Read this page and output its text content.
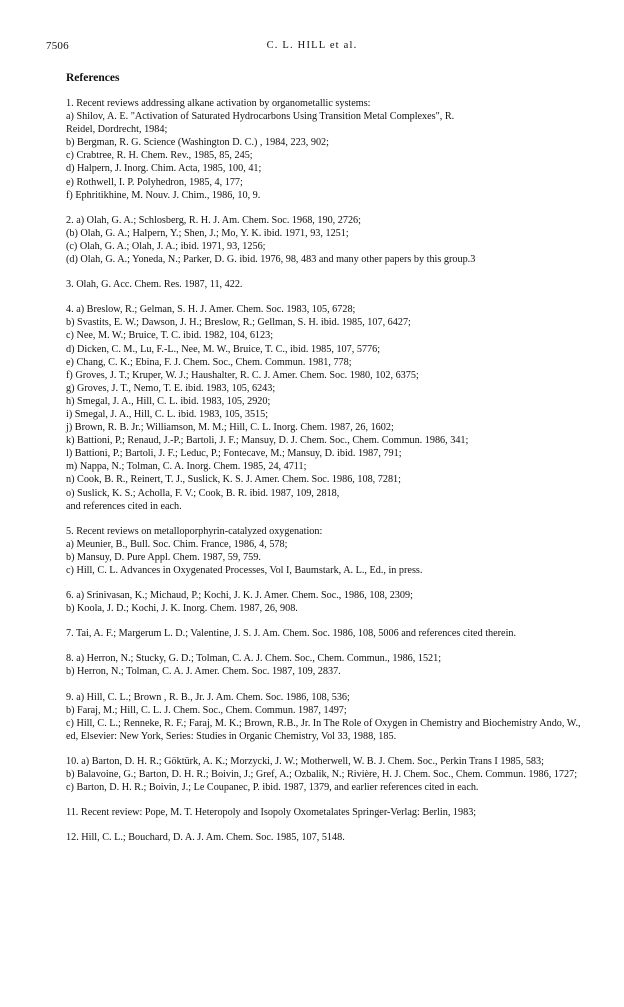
7506	C. L. HILL et al.
References
1. Recent reviews addressing alkane activation by organometallic systems:
a) Shilov, A. E. "Activation of Saturated Hydrocarbons Using Transition Metal Complexes", R.
Reidel, Dordrecht, 1984;
b) Bergman, R. G. Science (Washington D. C.) , 1984, 223, 902;
c) Crabtree, R. H. Chem. Rev., 1985, 85, 245;
d) Halpern, J. Inorg. Chim. Acta, 1985, 100, 41;
e) Rothwell, I. P. Polyhedron, 1985, 4, 177;
f) Ephritikhine, M. Nouv. J. Chim., 1986, 10, 9.
2. a) Olah, G. A.; Schlosberg, R. H. J. Am. Chem. Soc. 1968, 190, 2726;
(b) Olah, G. A.; Halpern, Y.; Shen, J.; Mo, Y. K. ibid. 1971, 93, 1251;
(c) Olah, G. A.; Olah, J. A.; ibid. 1971, 93, 1256;
(d) Olah, G. A.; Yoneda, N.; Parker, D. G. ibid. 1976, 98, 483 and many other papers by this group.3
3. Olah, G. Acc. Chem. Res. 1987, 11, 422.
4. a) Breslow, R.; Gelman, S. H. J. Amer. Chem. Soc. 1983, 105, 6728;
b) Svastits, E. W.; Dawson, J. H.; Breslow, R.; Gellman, S. H. ibid. 1985, 107, 6427;
c) Nee, M. W.; Bruice, T. C. ibid. 1982, 104, 6123;
d) Dicken, C. M., Lu, F.-L., Nee, M. W., Bruice, T. C., ibid. 1985, 107, 5776;
e) Chang, C. K.; Ebina, F. J. Chem. Soc., Chem. Commun. 1981, 778;
f) Groves, J. T.; Kruper, W. J.; Haushalter, R. C. J. Amer. Chem. Soc. 1980, 102, 6375;
g) Groves, J. T., Nemo, T. E. ibid. 1983, 105, 6243;
h) Smegal, J. A., Hill, C. L. ibid. 1983, 105, 2920;
i) Smegal, J. A., Hill, C. L. ibid. 1983, 105, 3515;
j) Brown, R. B. Jr.; Williamson, M. M.; Hill, C. L. Inorg. Chem. 1987, 26, 1602;
k) Battioni, P.; Renaud, J.-P.; Bartoli, J. F.; Mansuy, D. J. Chem. Soc., Chem. Commun. 1986, 341;
l) Battioni, P.; Bartoli, J. F.; Leduc, P.; Fontecave, M.; Mansuy, D. ibid. 1987, 791;
m) Nappa, N.; Tolman, C. A. Inorg. Chem. 1985, 24, 4711;
n) Cook, B. R., Reinert, T. J., Suslick, K. S. J. Amer. Chem. Soc. 1986, 108, 7281;
o) Suslick, K. S.; Acholla, F. V.; Cook, B. R. ibid. 1987, 109, 2818,
and references cited in each.
5. Recent reviews on metalloporphyrin-catalyzed oxygenation:
a) Meunier, B., Bull. Soc. Chim. France, 1986, 4, 578;
b) Mansuy, D. Pure Appl. Chem. 1987, 59, 759.
c) Hill, C. L. Advances in Oxygenated Processes, Vol I, Baumstark, A. L., Ed., in press.
6. a) Srinivasan, K.; Michaud, P.; Kochi, J. K. J. Amer. Chem. Soc., 1986, 108, 2309;
b) Koola, J. D.; Kochi, J. K. Inorg. Chem. 1987, 26, 908.
7. Tai, A. F.; Margerum L. D.; Valentine, J. S. J. Am. Chem. Soc. 1986, 108, 5006 and references cited therein.
8. a) Herron, N.; Stucky, G. D.; Tolman, C. A. J. Chem. Soc., Chem. Commun., 1986, 1521;
b) Herron, N.; Tolman, C. A. J. Amer. Chem. Soc. 1987, 109, 2837.
9. a) Hill, C. L.; Brown , R. B., Jr. J. Am. Chem. Soc. 1986, 108, 536;
b) Faraj, M.; Hill, C. L. J. Chem. Soc., Chem. Commun. 1987, 1497;
c) Hill, C. L.; Renneke, R. F.; Faraj, M. K.; Brown, R.B., Jr. In The Role of Oxygen in Chemistry and Biochemistry Ando, W., ed, Elsevier: New York, Series: Studies in Organic Chemistry, Vol 33, 1988, 185.
10. a) Barton, D. H. R.; Göktürk, A. K.; Morzycki, J. W.; Motherwell, W. B. J. Chem. Soc., Perkin Trans I 1985, 583;
b) Balavoine, G.; Barton, D. H. R.; Boivin, J.; Gref, A.; Ozbalik, N.; Rivière, H. J. Chem. Soc., Chem. Commun. 1986, 1727;
c) Barton, D. H. R.; Boivin, J.; Le Coupanec, P. ibid. 1987, 1379, and earlier references cited in each.
11. Recent review: Pope, M. T. Heteropoly and Isopoly Oxometalates Springer-Verlag: Berlin, 1983;
12. Hill, C. L.; Bouchard, D. A. J. Am. Chem. Soc. 1985, 107, 5148.
